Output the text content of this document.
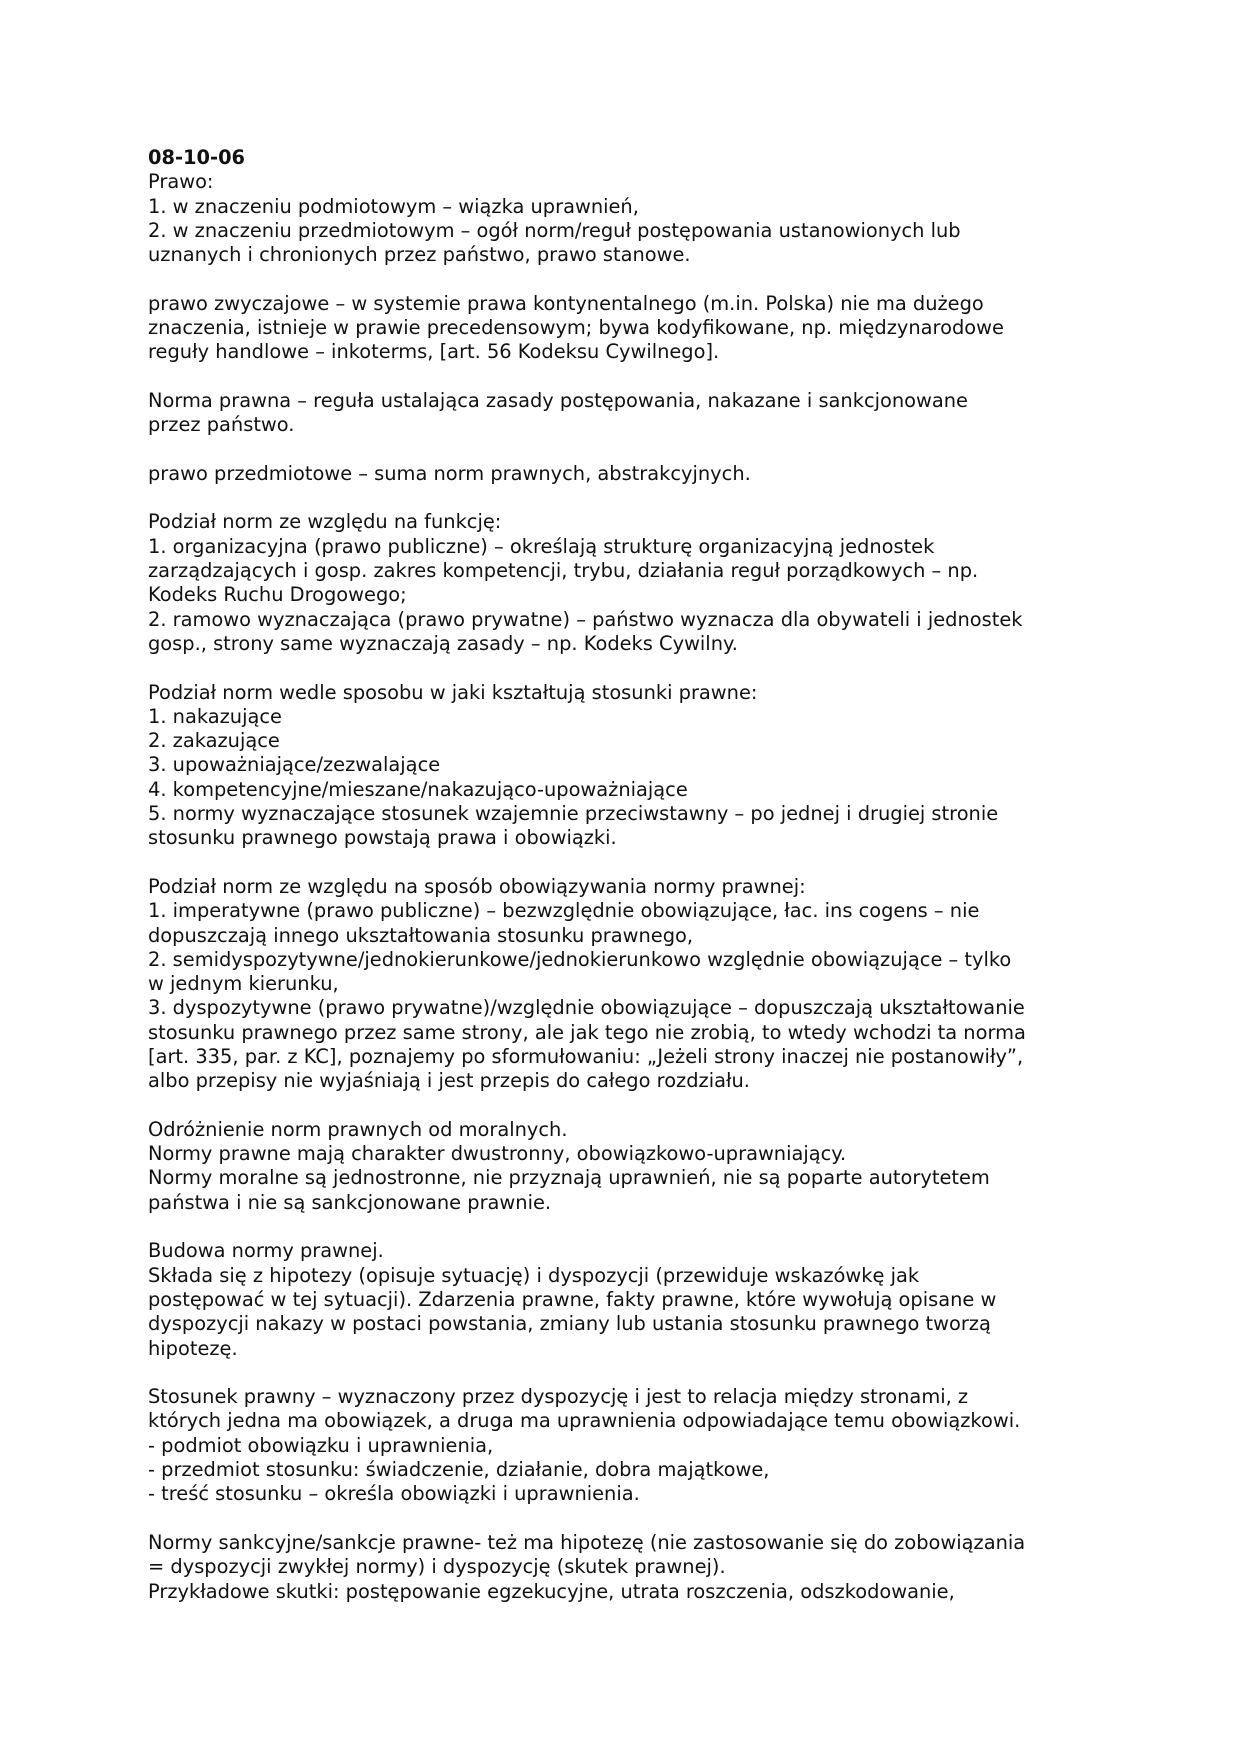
08-10-06
Prawo:
1. w znaczeniu podmiotowym – wiązka uprawnień,
2. w znaczeniu przedmiotowym – ogół norm/reguł postępowania ustanowionych lub
uznanych i chronionych przez państwo, prawo stanowe.
prawo zwyczajowe – w systemie prawa kontynentalnego (m.in. Polska) nie ma dużego
znaczenia, istnieje w prawie precedensowym; bywa kodyfikowane, np. międzynarodowe
reguły handlowe – inkoterms, [art. 56 Kodeksu Cywilnego].
Norma prawna – reguła ustalająca zasady postępowania, nakazane i sankcjonowane
przez państwo.
prawo przedmiotowe – suma norm prawnych, abstrakcyjnych.
Podział norm ze względu na funkcję:
1. organizacyjna (prawo publiczne) – określają strukturę organizacyjną jednostek
zarządzających i gosp. zakres kompetencji, trybu, działania reguł porządkowych – np.
Kodeks Ruchu Drogowego;
2. ramowo wyznaczająca (prawo prywatne) – państwo wyznacza dla obywateli i jednostek
gosp., strony same wyznaczają zasady – np. Kodeks Cywilny.
Podział norm wedle sposobu w jaki kształtują stosunki prawne:
1. nakazujące
2. zakazujące
3. upoważniające/zezwalające
4. kompetencyjne/mieszane/nakazująco-upoważniające
5. normy wyznaczające stosunek wzajemnie przeciwstawny – po jednej i drugiej stronie
stosunku prawnego powstają prawa i obowiązki.
Podział norm ze względu na sposób obowiązywania normy prawnej:
1. imperatywne (prawo publiczne) – bezwzględnie obowiązujące, łac. ins cogens – nie
dopuszczają innego ukształtowania stosunku prawnego,
2. semidyspozytywne/jednokierunkowe/jednokierunkowo względnie obowiązujące – tylko
w jednym kierunku,
3. dyspozytywne (prawo prywatne)/względnie obowiązujące – dopuszczają ukształtowanie
stosunku prawnego przez same strony, ale jak tego nie zrobią, to wtedy wchodzi ta norma
[art. 335, par. z KC], poznajemy po sformułowaniu: „Jeżeli strony inaczej nie postanowiły”,
albo przepisy nie wyjaśniają i jest przepis do całego rozdziału.
Odróżnienie norm prawnych od moralnych.
Normy prawne mają charakter dwustronny, obowiązkowo-uprawniający.
Normy moralne są jednostronne, nie przyznają uprawnień, nie są poparte autorytetem
państwa i nie są sankcjonowane prawnie.
Budowa normy prawnej.
Składa się z hipotezy (opisuje sytuację) i dyspozycji (przewiduje wskazówkę jak
postępować w tej sytuacji). Zdarzenia prawne, fakty prawne, które wywołują opisane w
dyspozycji nakazy w postaci powstania, zmiany lub ustania stosunku prawnego tworzą
hipotezę.
Stosunek prawny – wyznaczony przez dyspozycję i jest to relacja między stronami, z
których jedna ma obowiązek, a druga ma uprawnienia odpowiadające temu obowiązkowi.
- podmiot obowiązku i uprawnienia,
- przedmiot stosunku: świadczenie, działanie, dobra majątkowe,
- treść stosunku – określa obowiązki i uprawnienia.
Normy sankcyjne/sankcje prawne- też ma hipotezę (nie zastosowanie się do zobowiązania
= dyspozycji zwykłej normy) i dyspozycję (skutek prawnej).
Przykładowe skutki: postępowanie egzekucyjne, utrata roszczenia, odszkodowanie,
